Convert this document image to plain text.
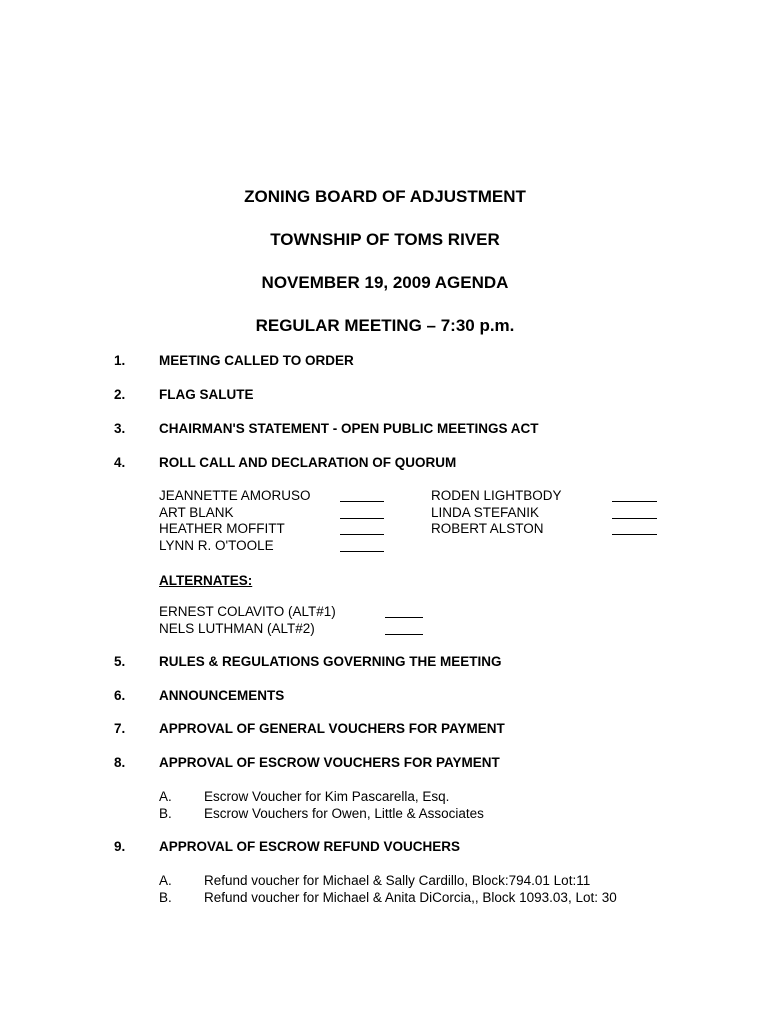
ZONING BOARD OF ADJUSTMENT
TOWNSHIP OF TOMS RIVER
NOVEMBER 19, 2009 AGENDA
REGULAR MEETING – 7:30 p.m.
1. MEETING CALLED TO ORDER
2. FLAG SALUTE
3. CHAIRMAN'S STATEMENT - OPEN PUBLIC MEETINGS ACT
4. ROLL CALL AND DECLARATION OF QUORUM
JEANNETTE AMORUSO
ART BLANK
HEATHER MOFFITT
LYNN R. O'TOOLE
RODEN LIGHTBODY
LINDA STEFANIK
ROBERT ALSTON
ALTERNATES:
ERNEST COLAVITO (ALT#1)
NELS LUTHMAN (ALT#2)
5. RULES & REGULATIONS GOVERNING THE MEETING
6. ANNOUNCEMENTS
7. APPROVAL OF GENERAL VOUCHERS FOR PAYMENT
8. APPROVAL OF ESCROW VOUCHERS FOR PAYMENT
A. Escrow Voucher for Kim Pascarella, Esq.
B. Escrow Vouchers for Owen, Little & Associates
9. APPROVAL OF ESCROW REFUND VOUCHERS
A. Refund voucher for Michael & Sally Cardillo, Block:794.01 Lot:11
B. Refund voucher for Michael & Anita DiCorcia,, Block 1093.03, Lot: 30
